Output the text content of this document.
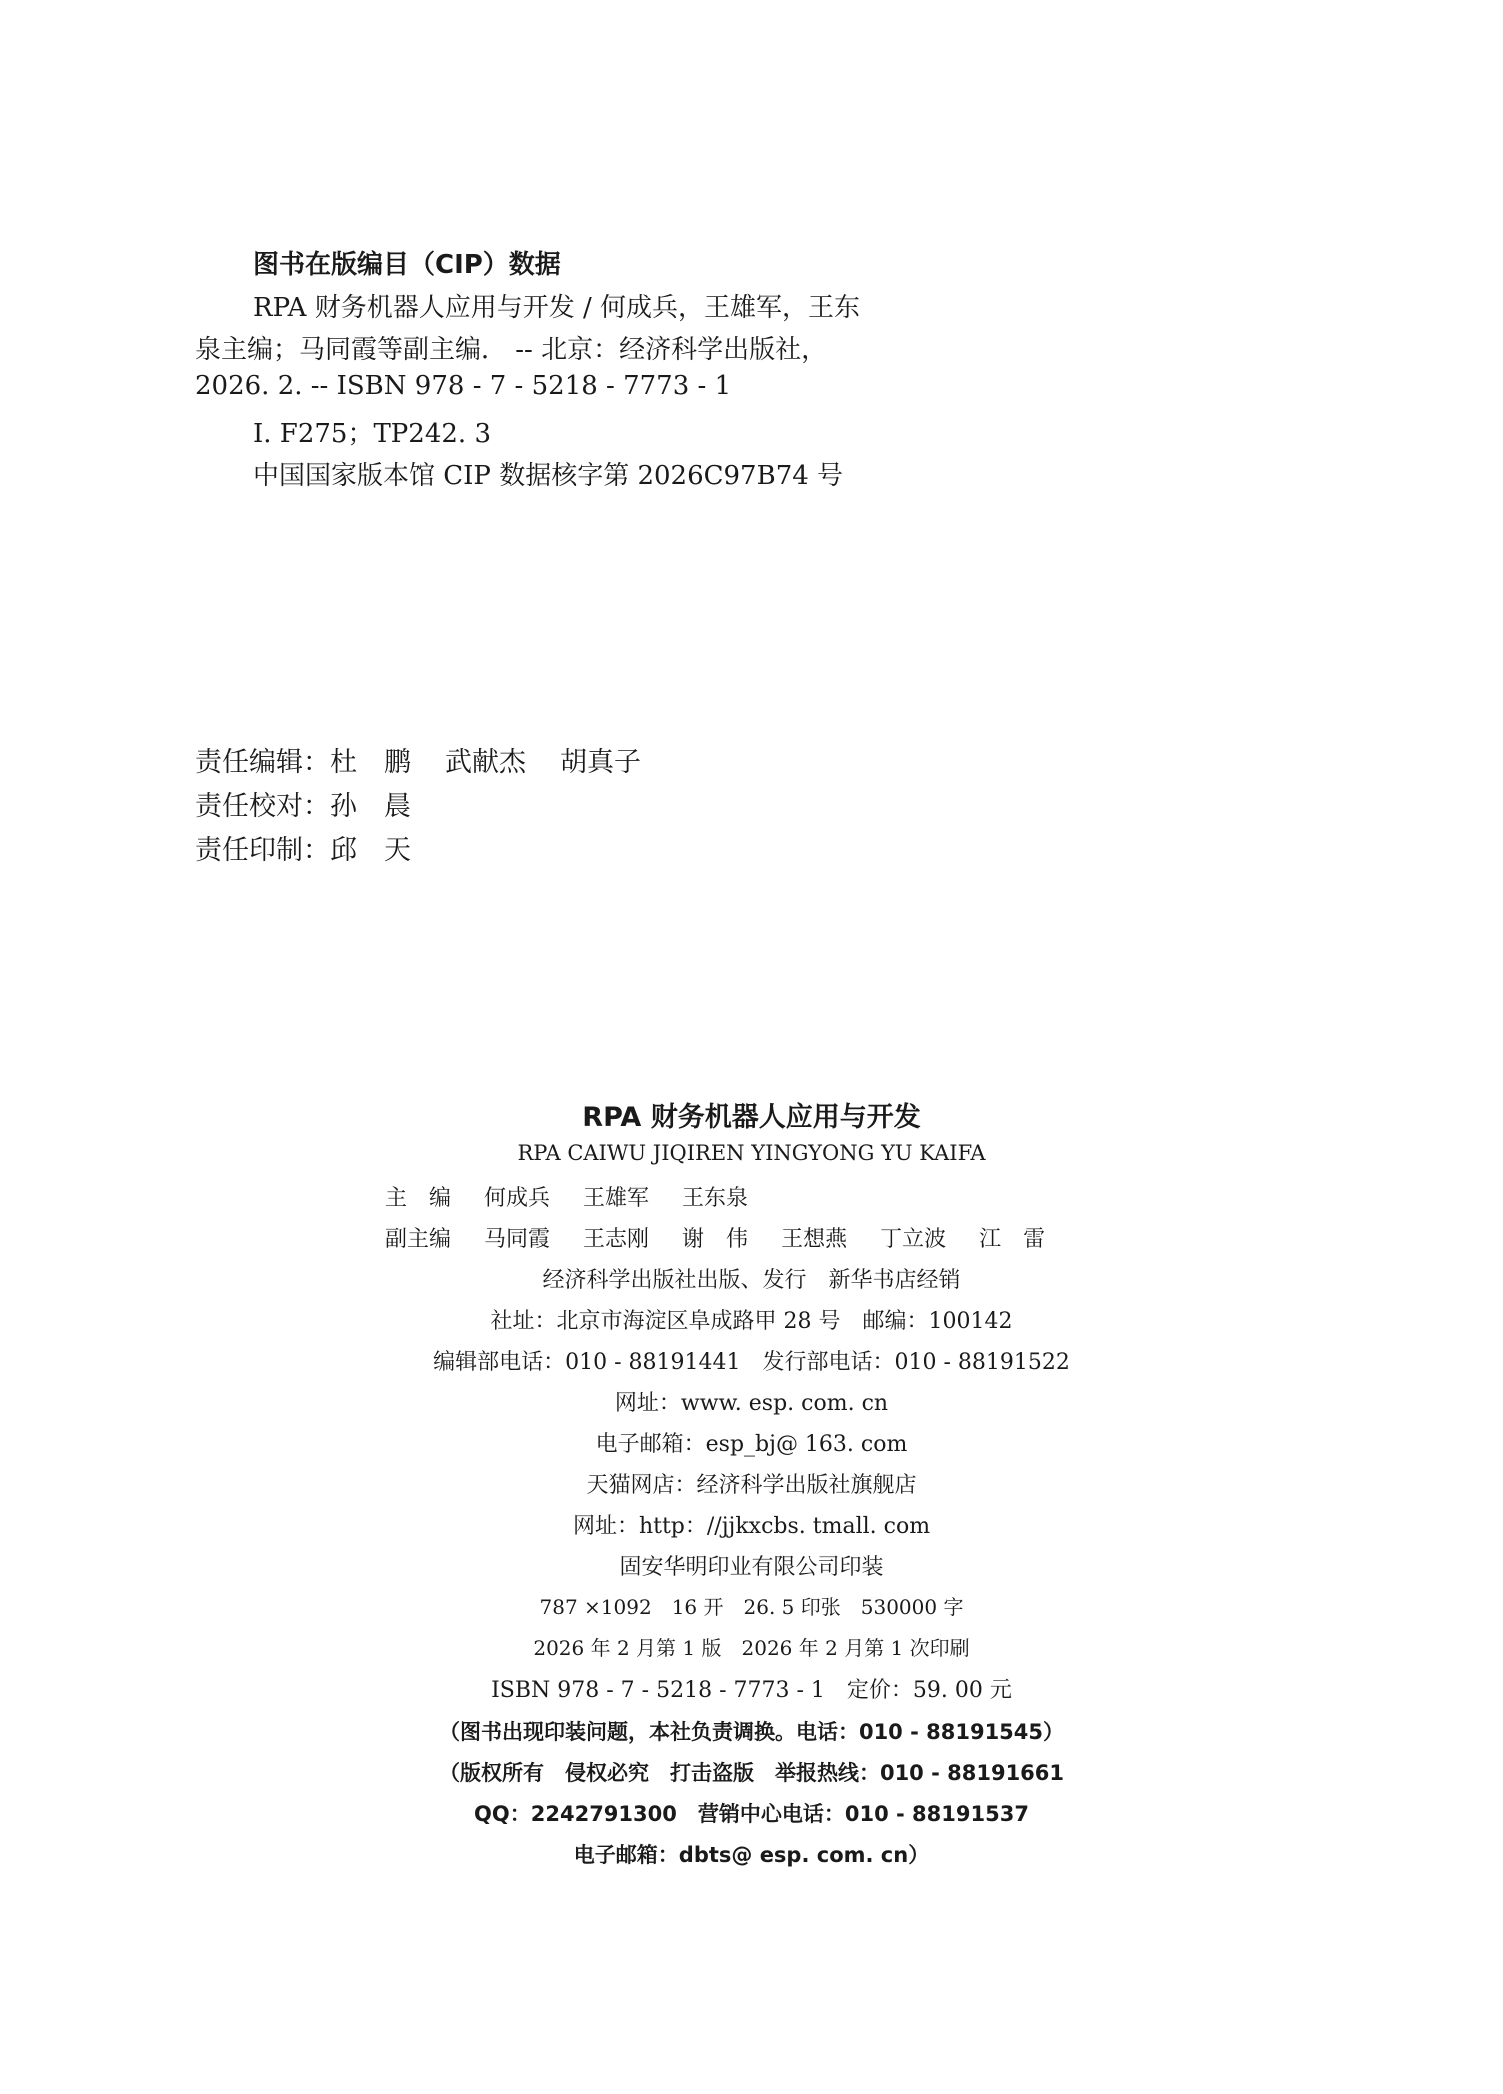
图书在版编目（CIP）数据
RPA 财务机器人应用与开发 / 何成兵，王雄军，王东
泉主编；马同霞等副主编． -- 北京：经济科学出版社，
2026. 2. -- ISBN 978 - 7 - 5218 - 7773 - 1
Ⅰ. F275；TP242. 3
中国国家版本馆 CIP 数据核字第 2026C97B74 号
责任编辑：杜　鹏 武献杰 胡真子
责任校对：孙　晨
责任印制：邱　天
RPA 财务机器人应用与开发
RPA CAIWU JIQIREN YINGYONG YU KAIFA
主　编 何成兵 王雄军 王东泉
副主编 马同霞 王志刚 谢　伟 王想燕 丁立波 江　雷
经济科学出版社出版、发行　新华书店经销
社址：北京市海淀区阜成路甲 28 号　邮编：100142
编辑部电话：010 - 88191441　发行部电话：010 - 88191522
网址：www. esp. com. cn
电子邮箱：esp_bj@ 163. com
天猫网店：经济科学出版社旗舰店
网址：http：//jjkxcbs. tmall. com
固安华明印业有限公司印装
787 ×1092　16 开　26. 5 印张　530000 字
2026 年 2 月第 1 版　2026 年 2 月第 1 次印刷
ISBN 978 - 7 - 5218 - 7773 - 1　定价：59. 00 元
（图书出现印装问题，本社负责调换。电话：010 - 88191545）
（版权所有　侵权必究　打击盗版　举报热线：010 - 88191661
QQ：2242791300　营销中心电话：010 - 88191537
电子邮箱：dbts@ esp. com. cn）
